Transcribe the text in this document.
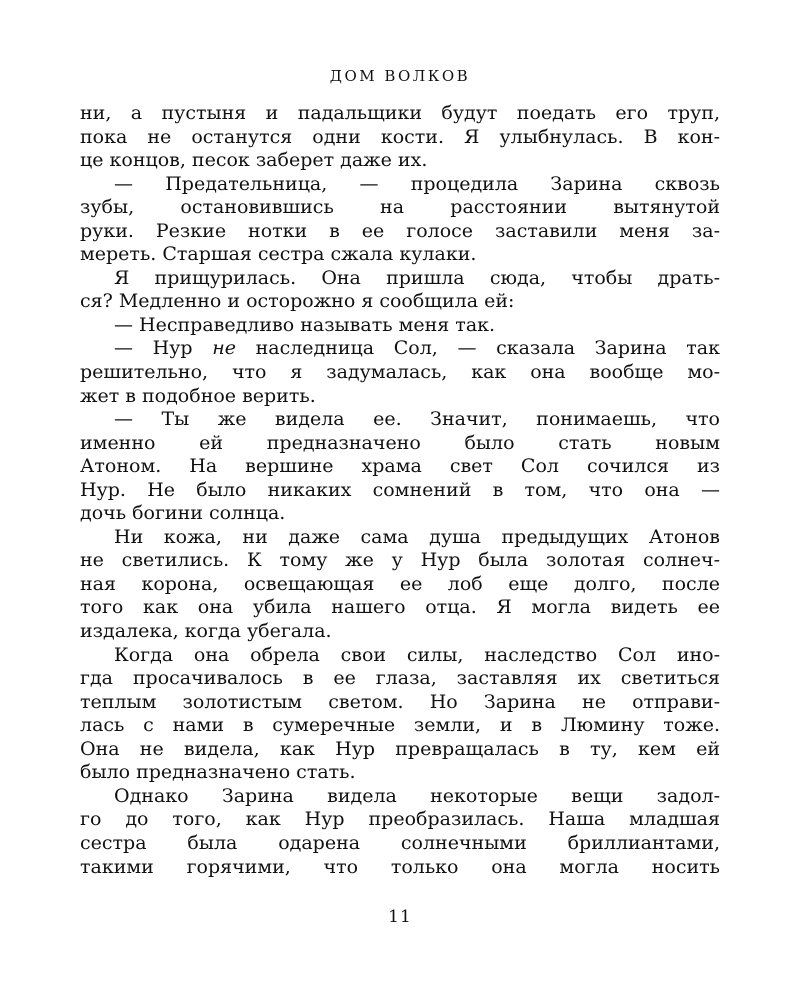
ДОМ ВОЛКОВ
ни, а пустыня и падальщики будут поедать его труп,
пока не останутся одни кости. Я улыбнулась. В кон-
це концов, песок заберет даже их.
— Предательница, — процедила Зарина сквозь
зубы, остановившись на расстоянии вытянутой
руки. Резкие нотки в ее голосе заставили меня за-
мереть. Старшая сестра сжала кулаки.
Я прищурилась. Она пришла сюда, чтобы драть-
ся? Медленно и осторожно я сообщила ей:
— Несправедливо называть меня так.
— Нур не наследница Сол, — сказала Зарина так
решительно, что я задумалась, как она вообще мо-
жет в подобное верить.
— Ты же видела ее. Значит, понимаешь, что
именно ей предназначено было стать новым
Атоном. На вершине храма свет Сол сочился из
Нур. Не было никаких сомнений в том, что она —
дочь богини солнца.
Ни кожа, ни даже сама душа предыдущих Атонов
не светились. К тому же у Нур была золотая солнеч-
ная корона, освещающая ее лоб еще долго, после
того как она убила нашего отца. Я могла видеть ее
издалека, когда убегала.
Когда она обрела свои силы, наследство Сол ино-
гда просачивалось в ее глаза, заставляя их светиться
теплым золотистым светом. Но Зарина не отправи-
лась с нами в сумеречные земли, и в Люмину тоже.
Она не видела, как Нур превращалась в ту, кем ей
было предназначено стать.
Однако Зарина видела некоторые вещи задол-
го до того, как Нур преобразилась. Наша младшая
сестра была одарена солнечными бриллиантами,
такими горячими, что только она могла носить
11
